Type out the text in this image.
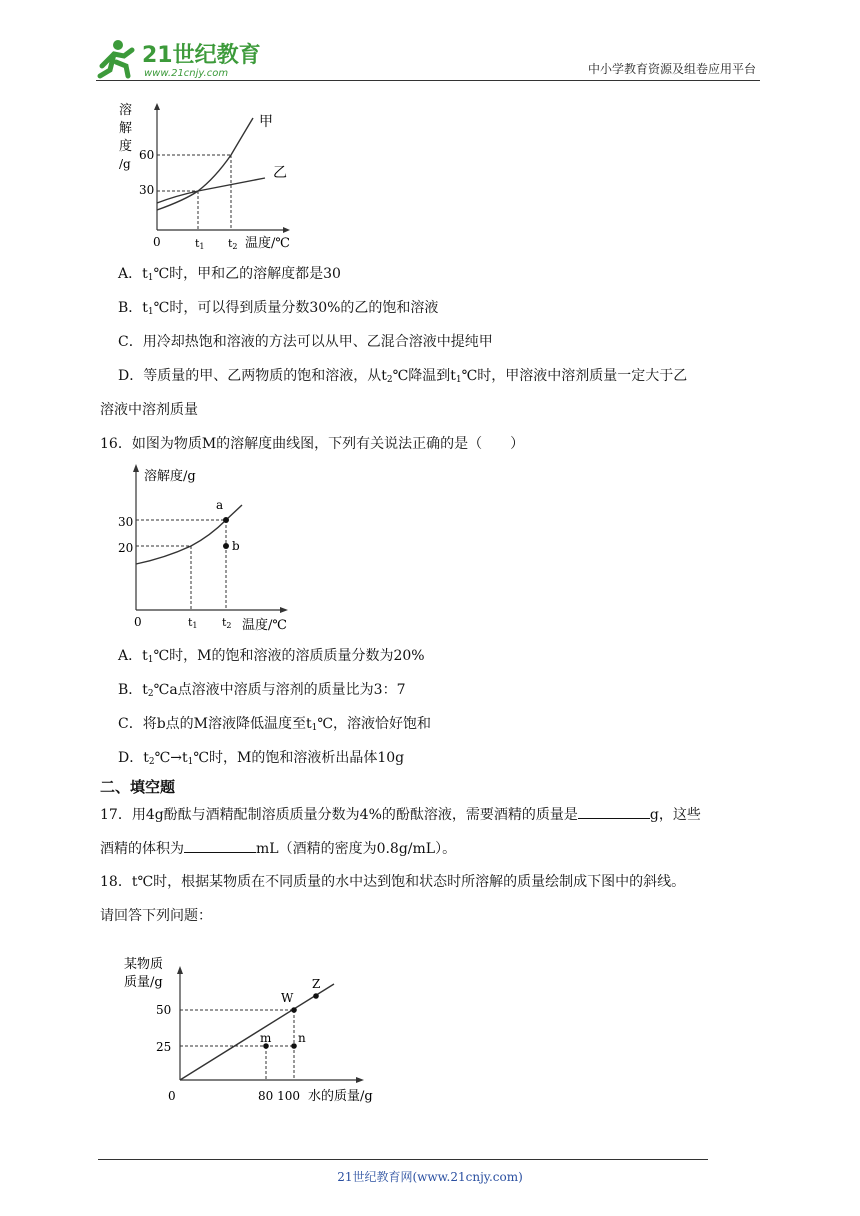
21世纪教育
www.21cnjy.com	中小学教育资源及组卷应用平台
溶
解
度
/g
60
30
0	t1 t2 温度/℃
甲
乙
A．$t_1℃$时，甲和乙的溶解度都是30
B．$t_1℃$时，可以得到质量分数30%的乙的饱和溶液
C．用冷却热饱和溶液的方法可以从甲、乙混合溶液中提纯甲
D．等质量的甲、乙两物质的饱和溶液，从$t_2℃$降温到$t_1℃$时，甲溶液中溶剂质量一定大于乙
溶液中溶剂质量
16．如图为物质M的溶解度曲线图，下列有关说法正确的是（　　）
溶解度/g
30
20
0	t1 t2 温度/℃
a
b
A．$t_1℃$时，M的饱和溶液的溶质质量分数为20%
B．$t_2℃a$点溶液中溶质与溶剂的质量比为3：7
C．将b点的M溶液降低温度至$t_1℃$，溶液恰好饱和
D．$t_2℃\to t_1℃$时，M的饱和溶液析出晶体10g
二、填空题
17．用4g酚酞与酒精配制溶质质量分数为4%的酚酞溶液，需要酒精的质量是	g，这些
酒精的体积为	mL（酒精的密度为0.8g/mL）。
18．t℃时，根据某物质在不同质量的水中达到饱和状态时所溶解的质量绘制成下图中的斜线。
请回答下列问题：
某物质
质量/g
50
25
0	80 100 水的质量/g
W
Z
m n
21世纪教育网(www.21cnjy.com)
